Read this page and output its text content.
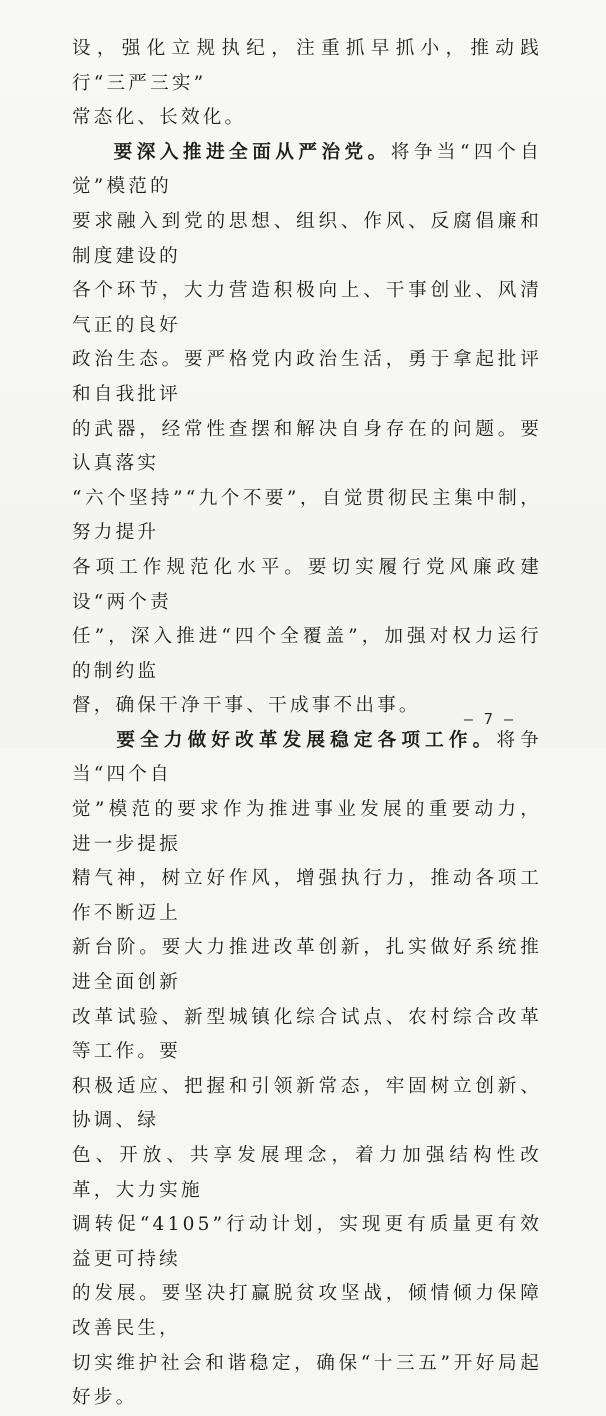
设，强化立规执纪，注重抓早抓小，推动践行“三严三实”
常态化、长效化。
要深入推进全面从严治党。将争当“四个自觉”模范的
要求融入到党的思想、组织、作风、反腐倡廉和制度建设的
各个环节，大力营造积极向上、干事创业、风清气正的良好
政治生态。要严格党内政治生活，勇于拿起批评和自我批评
的武器，经常性查摆和解决自身存在的问题。要认真落实
“六个坚持”“九个不要”，自觉贯彻民主集中制，努力提升
各项工作规范化水平。要切实履行党风廉政建设“两个责
任”，深入推进“四个全覆盖”，加强对权力运行的制约监
督，确保干净干事、干成事不出事。
要全力做好改革发展稳定各项工作。将争当“四个自
觉”模范的要求作为推进事业发展的重要动力，进一步提振
精气神，树立好作风，增强执行力，推动各项工作不断迈上
新台阶。要大力推进改革创新，扎实做好系统推进全面创新
改革试验、新型城镇化综合试点、农村综合改革等工作。要
积极适应、把握和引领新常态，牢固树立创新、协调、绿
色、开放、共享发展理念，着力加强结构性改革，大力实施
调转促“4105”行动计划，实现更有质量更有效益更可持续
的发展。要坚决打赢脱贫攻坚战，倾情倾力保障改善民生，
切实维护社会和谐稳定，确保“十三五”开好局起好步。
— 7 —
